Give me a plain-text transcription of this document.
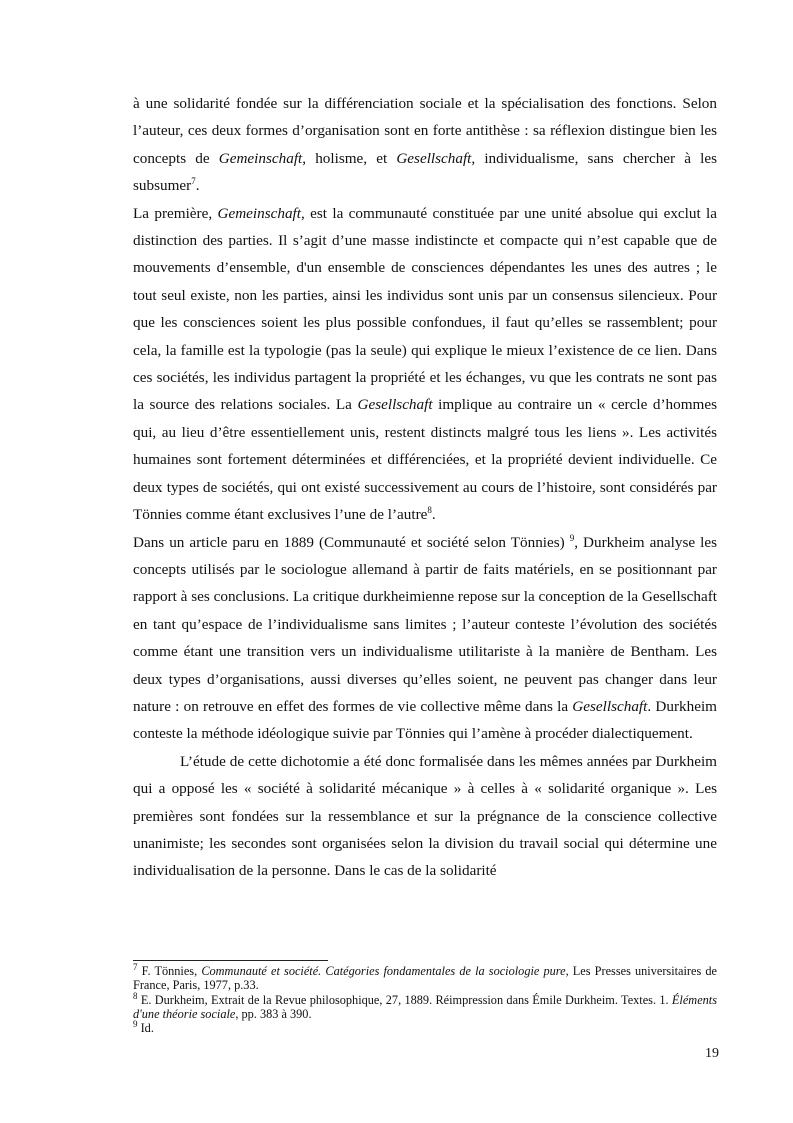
à une solidarité fondée sur la différenciation sociale et la spécialisation des fonctions. Selon l’auteur, ces deux formes d’organisation sont en forte antithèse : sa réflexion distingue bien les concepts de Gemeinschaft, holisme, et Gesellschaft, individualisme, sans chercher à les subsumer$^7$.

La première, Gemeinschaft, est la communauté constituée par une unité absolue qui exclut la distinction des parties. Il s’agit d’une masse indistincte et compacte qui n’est capable que de mouvements d’ensemble, d'un ensemble de consciences dépendantes les unes des autres ; le tout seul existe, non les parties, ainsi les individus sont unis par un consensus silencieux. Pour que les consciences soient les plus possible confondues, il faut qu’elles se rassemblent; pour cela, la famille est la typologie (pas la seule) qui explique le mieux l’existence de ce lien. Dans ces sociétés, les individus partagent la propriété et les échanges, vu que les contrats ne sont pas la source des relations sociales. La Gesellschaft implique au contraire un « cercle d’hommes qui, au lieu d’être essentiellement unis, restent distincts malgré tous les liens ». Les activités humaines sont fortement déterminées et différenciées, et la propriété devient individuelle. Ce deux types de sociétés, qui ont existé successivement au cours de l’histoire, sont considérés par Tönnies comme étant exclusives l’une de l’autre$^8$.

Dans un article paru en 1889 (Communauté et société selon Tönnies) $^9$, Durkheim analyse les concepts utilisés par le sociologue allemand à partir de faits matériels, en se positionnant par rapport à ses conclusions. La critique durkheimienne repose sur la conception de la Gesellschaft en tant qu’espace de l’individualisme sans limites ; l’auteur conteste l’évolution des sociétés comme étant une transition vers un individualisme utilitariste à la manière de Bentham. Les deux types d’organisations, aussi diverses qu’elles soient, ne peuvent pas changer dans leur nature : on retrouve en effet des formes de vie collective même dans la Gesellschaft. Durkheim conteste la méthode idéologique suivie par Tönnies qui l’amène à procéder dialectiquement.

L’étude de cette dichotomie a été donc formalisée dans les mêmes années par Durkheim qui a opposé les « société à solidarité mécanique » à celles à « solidarité organique ». Les premières sont fondées sur la ressemblance et sur la prégnance de la conscience collective unanimiste; les secondes sont organisées selon la division du travail social qui détermine une individualisation de la personne. Dans le cas de la solidarité

$^7$ F. Tönnies, Communauté et société. Catégories fondamentales de la sociologie pure, Les Presses universitaires de France, Paris, 1977, p.33.

$^8$ E. Durkheim, Extrait de la Revue philosophique, 27, 1889. Réimpression dans Émile Durkheim. Textes. 1. Éléments d'une théorie sociale, pp. 383 à 390.

$^9$ Id.

19
